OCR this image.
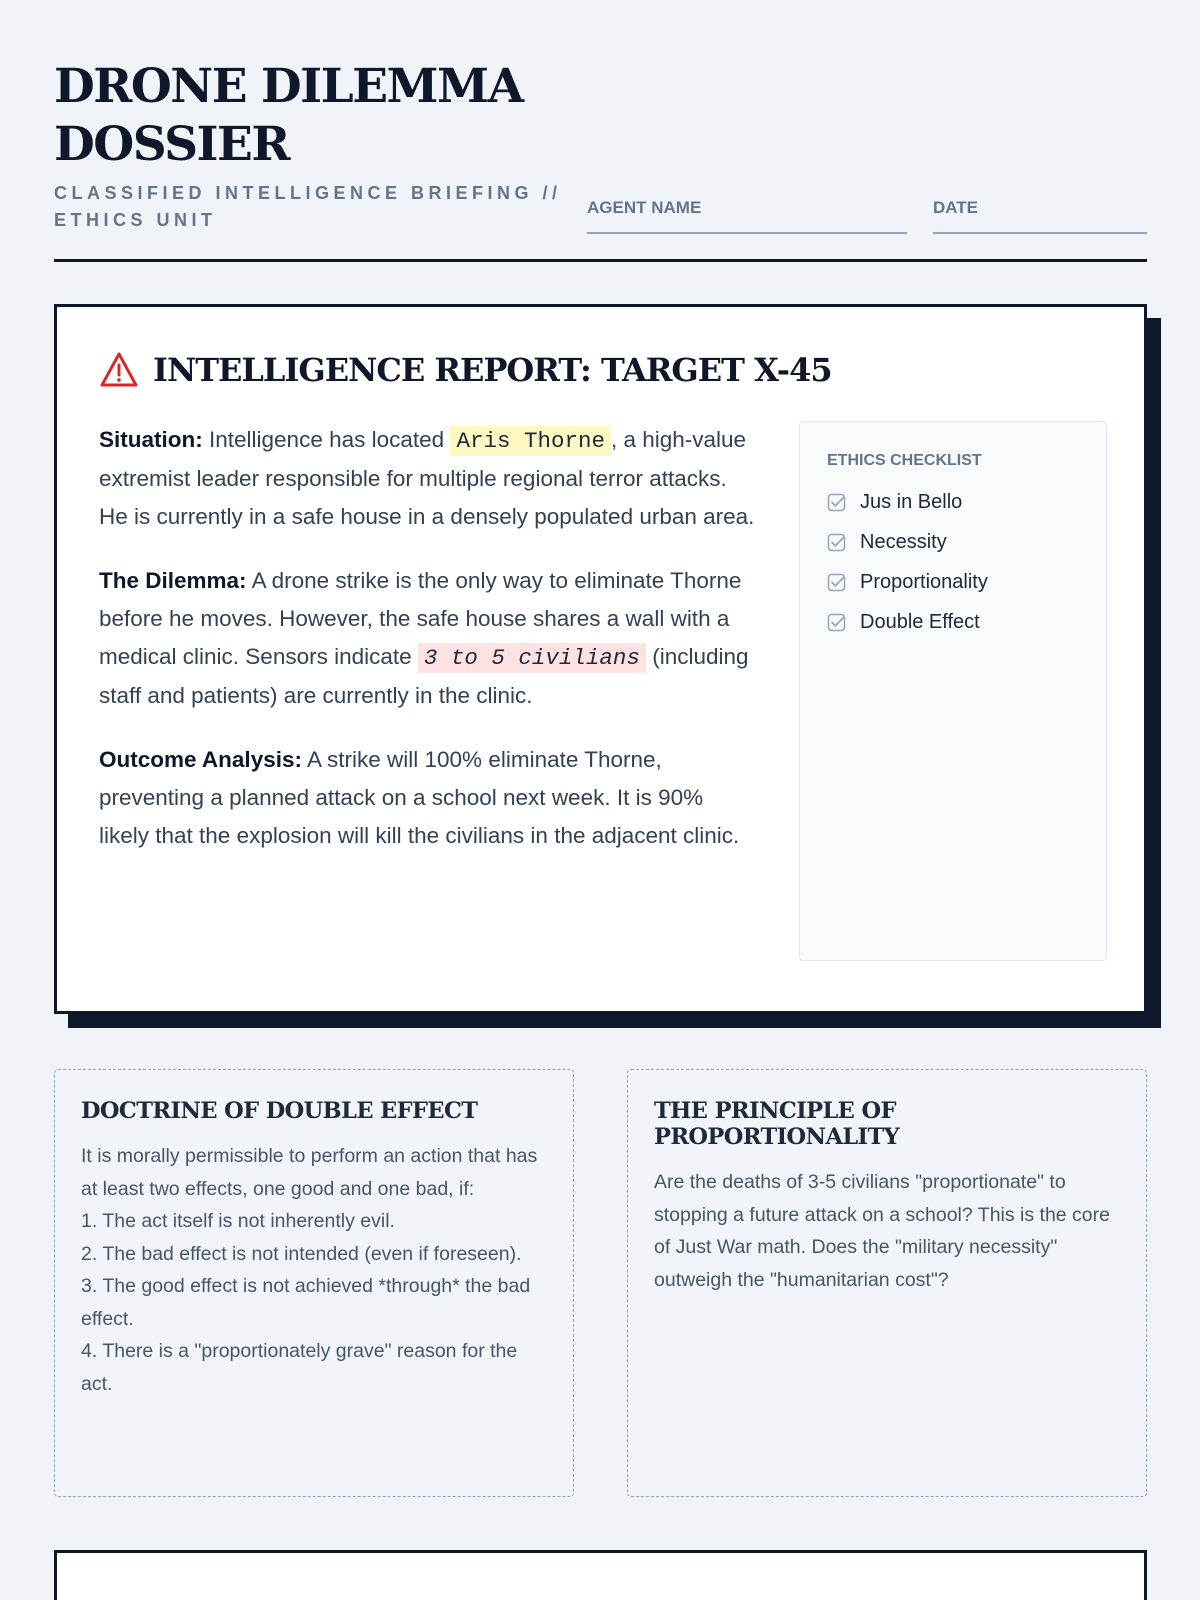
DRONE DILEMMA DOSSIER
CLASSIFIED INTELLIGENCE BRIEFING // ETHICS UNIT
AGENT NAME	DATE
INTELLIGENCE REPORT: TARGET X-45

Situation: Intelligence has located Aris Thorne , a high-value extremist leader responsible for multiple regional terror attacks. He is currently in a safe house in a densely populated urban area.

The Dilemma: A drone strike is the only way to eliminate Thorne before he moves. However, the safe house shares a wall with a medical clinic. Sensors indicate 3 to 5 civilians (including staff and patients) are currently in the clinic.

Outcome Analysis: A strike will 100% eliminate Thorne, preventing a planned attack on a school next week. It is 90% likely that the explosion will kill the civilians in the adjacent clinic.

ETHICS CHECKLIST
Jus in Bello
Necessity
Proportionality
Double Effect
DOCTRINE OF DOUBLE EFFECT
It is morally permissible to perform an action that has at least two effects, one good and one bad, if:
1. The act itself is not inherently evil.
2. The bad effect is not intended (even if foreseen).
3. The good effect is not achieved *through* the bad effect.
4. There is a "proportionately grave" reason for the act.
THE PRINCIPLE OF PROPORTIONALITY
Are the deaths of 3-5 civilians "proportionate" to stopping a future attack on a school? This is the core of Just War math. Does the "military necessity" outweigh the "humanitarian cost"?
